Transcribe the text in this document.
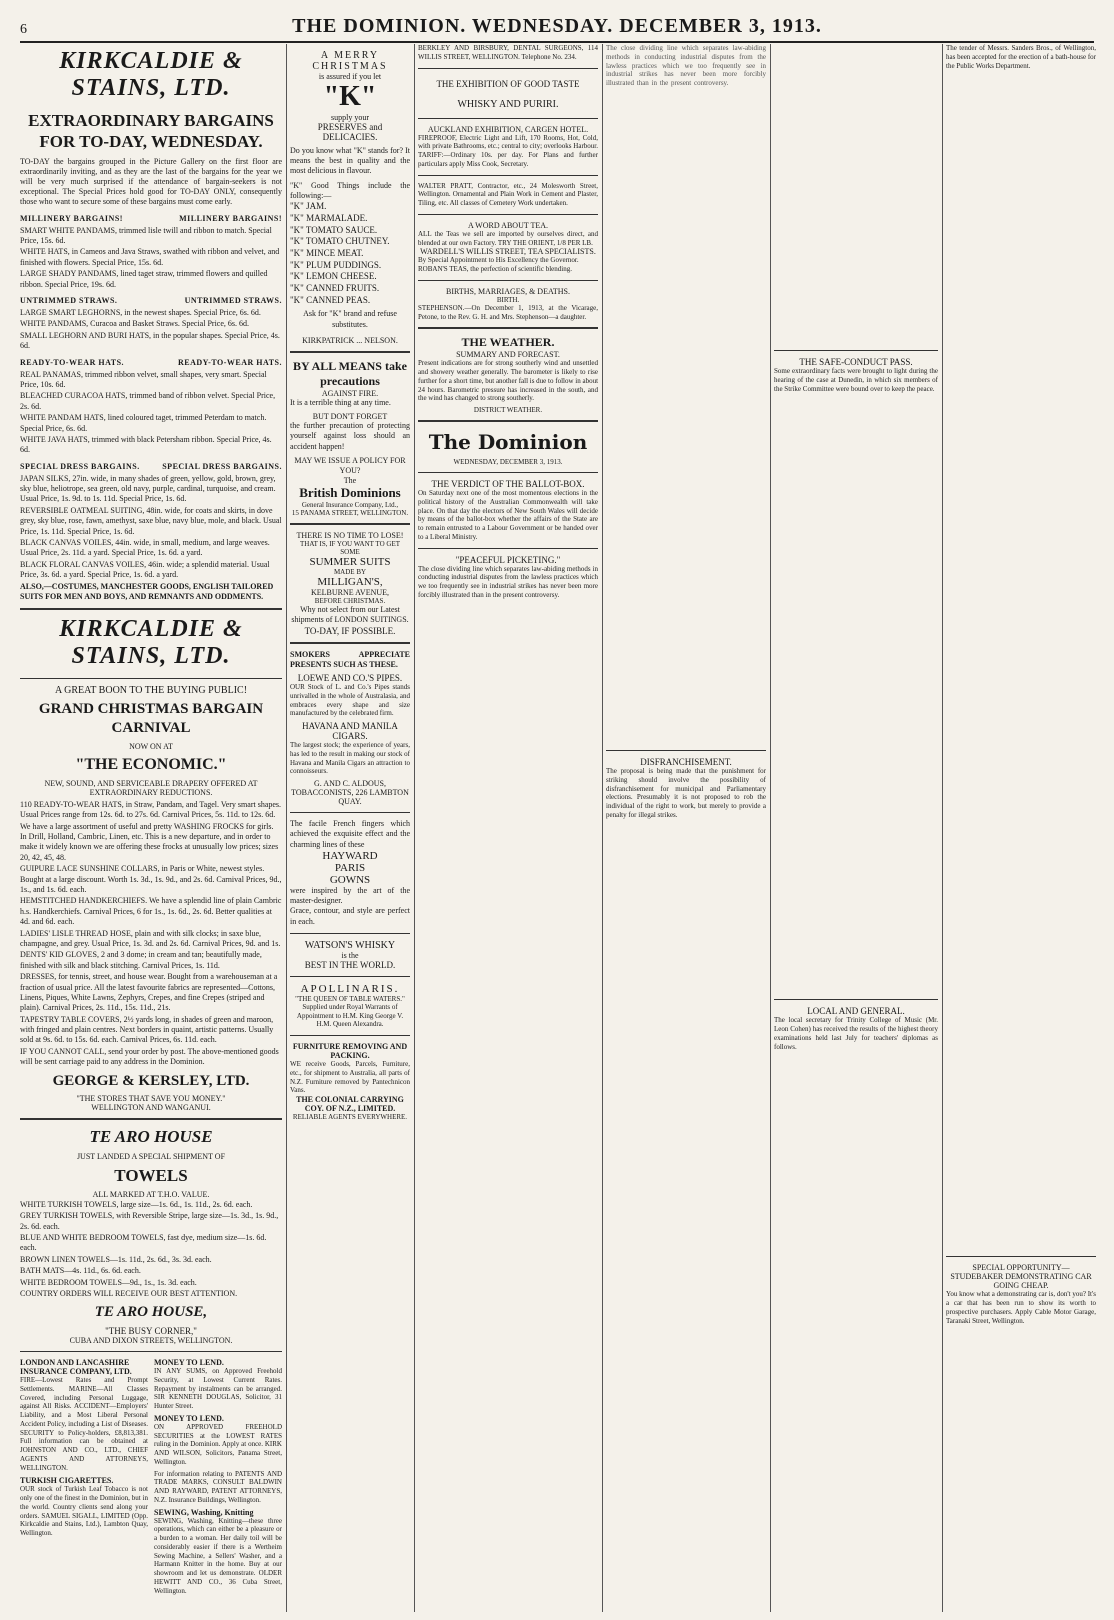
6	THE DOMINION. WEDNESDAY. DECEMBER 3, 1913.
KIRKCALDIE & STAINS, LTD.
EXTRAORDINARY BARGAINS FOR TO-DAY, WEDNESDAY.
TO-DAY the bargains grouped in the Picture Gallery on the first floor are extraordinarily inviting, and as they are the last of the bargains for the year we will be very much surprised if the attendance of bargain-seekers is not exceptional. The Special Prices hold good for TO-DAY ONLY, consequently those who want to secure some of these bargains must come early.
MILLINERY BARGAINS!	MILLINERY BARGAINS!
SMART WHITE PANDAMS, trimmed lisle twill and ribbon to match. Special Price, 15s. 6d.
WHITE HATS, in Cameos and Java Straws, swathed with ribbon and velvet, and finished with flowers. Special Price, 15s. 6d.
LARGE SHADY PANDAMS, lined taget straw, trimmed flowers and quilled ribbon. Special Price, 19s. 6d.
UNTRIMMED STRAWS.	UNTRIMMED STRAWS.
LARGE SMART LEGHORNS, in the newest shapes. Special Price, 6s. 6d.
WHITE PANDAMS, Curacoa and Basket Straws. Special Price, 6s. 6d.
SMALL LEGHORN AND BURI HATS, in the popular shapes. Special Price, 4s. 6d.
READY-TO-WEAR HATS.	READY-TO-WEAR HATS.
REAL PANAMAS, trimmed ribbon velvet, small shapes, very smart. Special Price, 10s. 6d.
BLEACHED CURACOA HATS, trimmed band of ribbon velvet. Special Price, 2s. 6d.
WHITE PANDAM HATS, lined coloured taget, trimmed Peterdam to match. Special Price, 6s. 6d.
WHITE JAVA HATS, trimmed with black Petersham ribbon. Special Price, 4s. 6d.
SPECIAL DRESS BARGAINS.	SPECIAL DRESS BARGAINS.
JAPAN SILKS, 27in. wide, in many shades of green, yellow, gold, brown, grey, sky blue, heliotrope, sea green, old navy, purple, cardinal, turquoise, and cream. Usual Price, 1s. 9d. to 1s. 11d. Special Price, 1s. 6d.
REVERSIBLE OATMEAL SUITING, 48in. wide, for coats and skirts, in dove grey, sky blue, rose, fawn, amethyst, saxe blue, navy blue, mole, and black. Usual Price, 1s. 11d. Special Price, 1s. 6d.
BLACK CANVAS VOILES, 44in. wide, in small, medium, and large weaves. Usual Price, 2s. 11d. a yard. Special Price, 1s. 6d. a yard.
BLACK FLORAL CANVAS VOILES, 46in. wide; a splendid material. Usual Price, 3s. 6d. a yard. Special Price, 1s. 6d. a yard.
ALSO,—COSTUMES, MANCHESTER GOODS, ENGLISH TAILORED SUITS FOR MEN AND BOYS, AND REMNANTS AND ODDMENTS.
KIRKCALDIE & STAINS, LTD.
A GREAT BOON TO THE BUYING PUBLIC!
GRAND CHRISTMAS BARGAIN CARNIVAL
NOW ON AT
"THE ECONOMIC."
NEW, SOUND, AND SERVICEABLE DRAPERY OFFERED AT EXTRAORDINARY REDUCTIONS.
110 READY-TO-WEAR HATS, in Straw, Pandam, and Tagel. Very smart shapes. Usual Prices range from 12s. 6d. to 27s. 6d. Carnival Prices, 5s. 11d. to 12s. 6d.
We have a large assortment of useful and pretty WASHING FROCKS for girls. In Drill, Holland, Cambric, Linen, etc. This is a new departure, and in order to make it widely known we are offering these frocks at unusually low prices; sizes 20, 42, 45, 48.
GUIPURE LACE SUNSHINE COLLARS, in Paris or White, newest styles. Bought at a large discount. Worth 1s. 3d., 1s. 9d., and 2s. 6d. Carnival Prices, 9d., 1s., and 1s. 6d. each.
HEMSTITCHED HANDKERCHIEFS. We have a splendid line of plain Cambric h.s. Handkerchiefs. Carnival Prices, 6 for 1s., 1s. 6d., 2s. 6d. Better qualities at 4d. and 6d. each.
LADIES' LISLE THREAD HOSE, plain and with silk clocks; in saxe blue, champagne, and grey. Usual Price, 1s. 3d. and 2s. 6d. Carnival Prices, 9d. and 1s.
DENTS' KID GLOVES, 2 and 3 dome; in cream and tan; beautifully made, finished with silk and black stitching. Carnival Prices, 1s. 11d.
DRESSES, for tennis, street, and house wear. Bought from a warehouseman at a fraction of usual price. All the latest favourite fabrics are represented—Cottons, Linens, Piques, White Lawns, Zephyrs, Crepes, and fine Crepes (striped and plain). Carnival Prices, 2s. 11d., 15s. 11d., 21s.
TAPESTRY TABLE COVERS, 2½ yards long, in shades of green and maroon, with fringed and plain centres. Next borders in quaint, artistic patterns. Usually sold at 9s. 6d. to 15s. 6d. each. Carnival Prices, 6s. 11d. each.
IF YOU CANNOT CALL, send your order by post. The above-mentioned goods will be sent carriage paid to any address in the Dominion.
GEORGE & KERSLEY, LTD.
"THE STORES THAT SAVE YOU MONEY."
WELLINGTON AND WANGANUI.
TE ARO HOUSE
JUST LANDED A SPECIAL SHIPMENT OF
TOWELS
ALL MARKED AT T.H.O. VALUE.
WHITE TURKISH TOWELS, large size—1s. 6d., 1s. 11d., 2s. 6d. each.
GREY TURKISH TOWELS, with Reversible Stripe, large size—1s. 3d., 1s. 9d., 2s. 6d. each.
BLUE AND WHITE BEDROOM TOWELS, fast dye, medium size—1s. 6d. each.
BROWN LINEN TOWELS—1s. 11d., 2s. 6d., 3s. 3d. each.
BATH MATS—4s. 11d., 6s. 6d. each.
WHITE BEDROOM TOWELS—9d., 1s., 1s. 3d. each.
COUNTRY ORDERS WILL RECEIVE OUR BEST ATTENTION.
TE ARO HOUSE,
"THE BUSY CORNER,"
CUBA AND DIXON STREETS, WELLINGTON.
LONDON AND LANCASHIRE INSURANCE COMPANY, LTD.
FIRE—Lowest Rates and Prompt Settlements. MARINE—All Classes Covered, including Personal Luggage, against All Risks. ACCIDENT—Employers' Liability, and a Most Liberal Personal Accident Policy, including a List of Diseases. SECURITY to Policy-holders, £8,813,381. Full information can be obtained at JOHNSTON AND CO., LTD., CHIEF AGENTS AND ATTORNEYS, WELLINGTON.
TURKISH CIGARETTES.
OUR stock of Turkish Leaf Tobacco is not only one of the finest in the Dominion, but in the world. Country clients send along your orders. SAMUEL SIGALL, LIMITED (Opp. Kirkcaldie and Stains, Ltd.), Lambton Quay, Wellington.
MONEY TO LEND.
IN ANY SUMS, on Approved Freehold Security, at Lowest Current Rates. Repayment by instalments can be arranged. SIR KENNETH DOUGLAS, Solicitor, 31 Hunter Street.
MONEY TO LEND.
ON APPROVED FREEHOLD SECURITIES at the LOWEST RATES ruling in the Dominion. Apply at once. KIRK AND WILSON, Solicitors, Panama Street, Wellington.
For information relating to PATENTS AND TRADE MARKS, CONSULT BALDWIN AND RAYWARD, PATENT ATTORNEYS, N.Z. Insurance Buildings, Wellington.
SEWING, Washing, Knitting
SEWING, Washing, Knitting—these three operations, which can either be a pleasure or a burden to a woman. Her daily toil will be considerably easier if there is a Wertheim Sewing Machine, a Sellers' Washer, and a Harmann Knitter in the home. Buy at our showroom and let us demonstrate. OLDER HEWITT AND CO., 36 Cuba Street, Wellington.
A MERRY CHRISTMAS
is assured if you let
"K"
supply your
PRESERVES and DELICACIES.
Do you know what "K" stands for? It means the best in quality and the most delicious in flavour.
"K" Good Things include the following:—
"K" JAM.
"K" MARMALADE.
"K" TOMATO SAUCE.
"K" TOMATO CHUTNEY.
"K" MINCE MEAT.
"K" PLUM PUDDINGS.
"K" LEMON CHEESE.
"K" CANNED FRUITS.
"K" CANNED PEAS.
Ask for "K" brand and refuse substitutes.
KIRKPATRICK ... NELSON.
BY ALL MEANS take precautions
AGAINST FIRE.
It is a terrible thing at any time.
BUT DON'T FORGET
the further precaution of protecting yourself against loss should an accident happen!
MAY WE ISSUE A POLICY FOR YOU?
The
British Dominions
General Insurance Company, Ltd.,
15 PANAMA STREET, WELLINGTON.
THERE IS NO TIME TO LOSE!
THAT IS, IF YOU WANT TO GET SOME
SUMMER SUITS
MADE BY
MILLIGAN'S,
KELBURNE AVENUE,
BEFORE CHRISTMAS.
Why not select from our Latest shipments of LONDON SUITINGS.
TO-DAY, IF POSSIBLE.
SMOKERS APPRECIATE PRESENTS SUCH AS THESE.
LOEWE AND CO.'S PIPES.
OUR Stock of L. and Co.'s Pipes stands unrivalled in the whole of Australasia, and embraces every shape and size manufactured by the celebrated firm.
HAVANA AND MANILA CIGARS.
The largest stock; the experience of years, has led to the result in making our stock of Havana and Manila Cigars an attraction to connoisseurs.
G. AND C. ALDOUS, TOBACCONISTS, 226 LAMBTON QUAY.
The facile French fingers which achieved the exquisite effect and the charming lines of these
HAYWARD
PARIS
GOWNS
were inspired by the art of the master-designer.
Grace, contour, and style are perfect in each.
WATSON'S WHISKY
is the
BEST IN THE WORLD.
APOLLINARIS.
"THE QUEEN OF TABLE WATERS."
Supplied under Royal Warrants of Appointment to H.M. King George V. H.M. Queen Alexandra.
FURNITURE REMOVING AND PACKING.
WE receive Goods, Parcels, Furniture, etc., for shipment to Australia, all parts of N.Z. Furniture removed by Pantechnicon Vans.
THE COLONIAL CARRYING COY. OF N.Z., LIMITED.
RELIABLE AGENTS EVERYWHERE.
BERKLEY AND BIRSBURY, DENTAL SURGEONS, 114 WILLIS STREET, WELLINGTON. Telephone No. 234.
THE EXHIBITION OF GOOD TASTE
WHISKY AND PURIRI.
AUCKLAND EXHIBITION, CARGEN HOTEL.
FIREPROOF, Electric Light and Lift, 170 Rooms, Hot, Cold, with private Bathrooms, etc.; central to city; overlooks Harbour. TARIFF:—Ordinary 10s. per day. For Plans and further particulars apply Miss Cook, Secretary.
WALTER PRATT, Contractor, etc., 24 Molesworth Street, Wellington. Ornamental and Plain Work in Cement and Plaster, Tiling, etc. All classes of Cemetery Work undertaken.
A WORD ABOUT TEA.
ALL the Teas we sell are imported by ourselves direct, and blended at our own Factory. TRY THE ORIENT, 1/8 PER LB.
WARDELL'S WILLIS STREET, TEA SPECIALISTS.
By Special Appointment to His Excellency the Governor.
ROBAN'S TEAS, the perfection of scientific blending.
BIRTHS, MARRIAGES, & DEATHS.
BIRTH.
STEPHENSON.—On December 1, 1913, at the Vicarage, Petone, to the Rev. G. H. and Mrs. Stephenson—a daughter.
THE WEATHER.
SUMMARY AND FORECAST.
Present indications are for strong southerly wind and unsettled and showery weather generally. The barometer is likely to rise further for a short time, but another fall is due to follow in about 24 hours. Barometric pressure has increased in the south, and the wind has changed to strong southerly.
DISTRICT WEATHER.
The Dominion
WEDNESDAY, DECEMBER 3, 1913.
THE VERDICT OF THE BALLOT-BOX.
On Saturday next one of the most momentous elections in the political history of the Australian Commonwealth will take place. On that day the electors of New South Wales will decide by means of the ballot-box whether the affairs of the State are to remain entrusted to a Labour Government or be handed over to a Liberal Ministry.
"PEACEFUL PICKETING."
The close dividing line which separates law-abiding methods in conducting industrial disputes from the lawless practices which we too frequently see in industrial strikes has never been more forcibly illustrated than in the present controversy.
The close dividing line which separates law-abiding methods in conducting industrial disputes from the lawless practices which we too frequently see in industrial strikes has never been more forcibly illustrated than in the present controversy.
DISFRANCHISEMENT.
The proposal is being made that the punishment for striking should involve the possibility of disfranchisement for municipal and Parliamentary elections. Presumably it is not proposed to rob the individual of the right to work, but merely to provide a penalty for illegal strikes.
THE SAFE-CONDUCT PASS.
Some extraordinary facts were brought to light during the hearing of the case at Dunedin, in which six members of the Strike Committee were bound over to keep the peace.
LOCAL AND GENERAL.
The local secretary for Trinity College of Music (Mr. Leon Cohen) has received the results of the highest theory examinations held last July for teachers' diplomas as follows.
The tender of Messrs. Sanders Bros., of Wellington, has been accepted for the erection of a bath-house for the Public Works Department.
SPECIAL OPPORTUNITY—STUDEBAKER DEMONSTRATING CAR GOING CHEAP.
You know what a demonstrating car is, don't you? It's a car that has been run to show its worth to prospective purchasers. Apply Cable Motor Garage, Taranaki Street, Wellington.
